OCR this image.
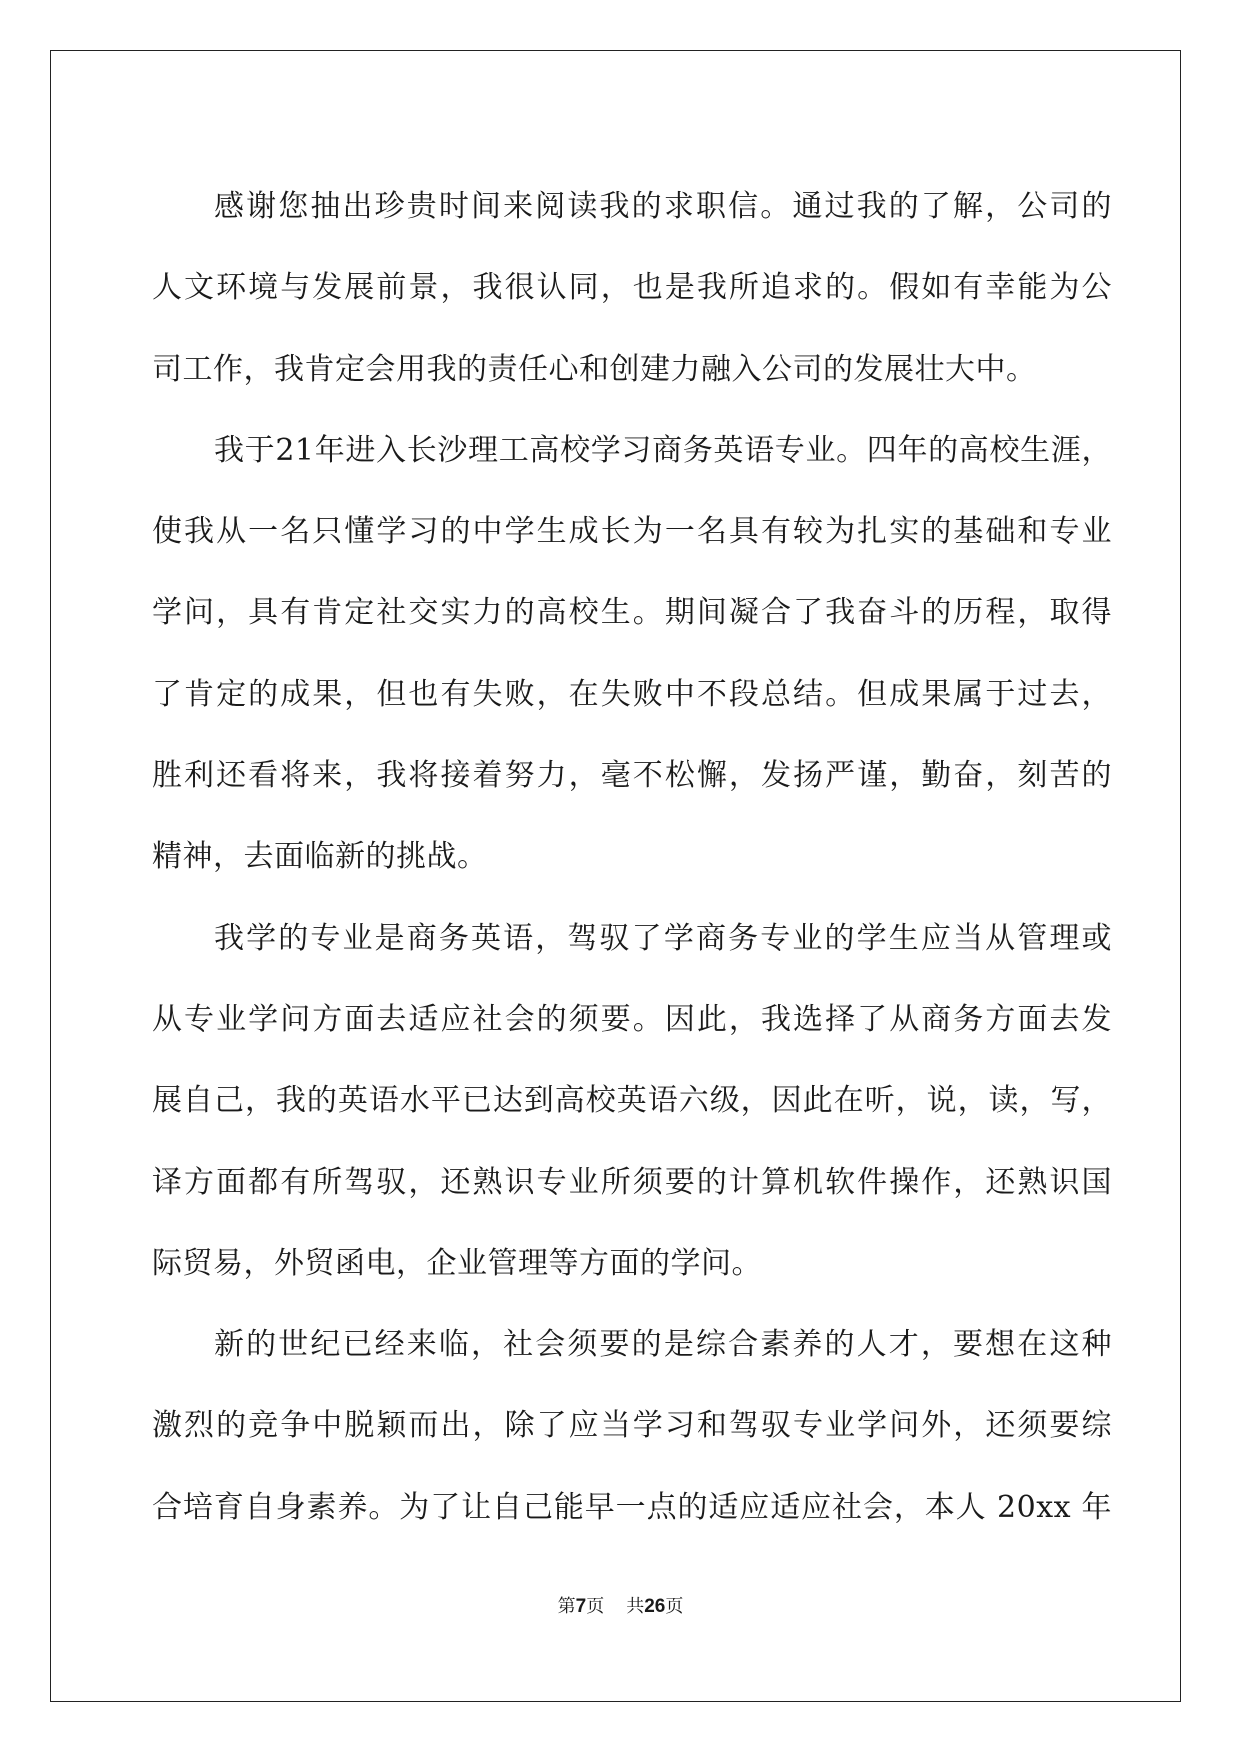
感谢您抽出珍贵时间来阅读我的求职信。通过我的了解，公司的
人文环境与发展前景，我很认同，也是我所追求的。假如有幸能为公
司工作，我肯定会用我的责任心和创建力融入公司的发展壮大中。
我于21年进入长沙理工高校学习商务英语专业。四年的高校生涯，
使我从一名只懂学习的中学生成长为一名具有较为扎实的基础和专业
学问，具有肯定社交实力的高校生。期间凝合了我奋斗的历程，取得
了肯定的成果，但也有失败，在失败中不段总结。但成果属于过去，
胜利还看将来，我将接着努力，毫不松懈，发扬严谨，勤奋，刻苦的
精神，去面临新的挑战。
我学的专业是商务英语，驾驭了学商务专业的学生应当从管理或
从专业学问方面去适应社会的须要。因此，我选择了从商务方面去发
展自己，我的英语水平已达到高校英语六级，因此在听，说，读，写，
译方面都有所驾驭，还熟识专业所须要的计算机软件操作，还熟识国
际贸易，外贸函电，企业管理等方面的学问。
新的世纪已经来临，社会须要的是综合素养的人才，要想在这种
激烈的竞争中脱颖而出，除了应当学习和驾驭专业学问外，还须要综
合培育自身素养。为了让自己能早一点的适应适应社会，本人 20xx 年
第7页 共26页
